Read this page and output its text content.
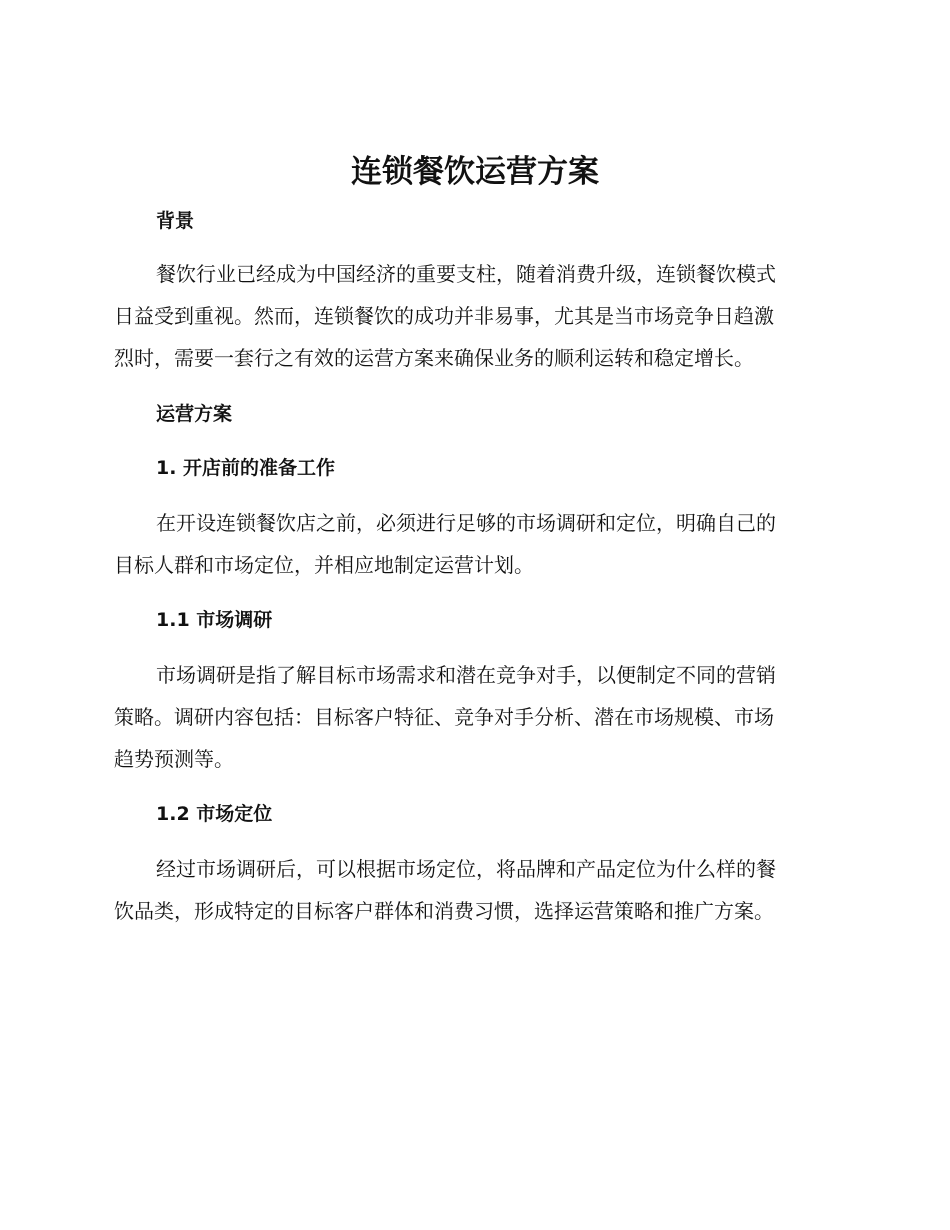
连锁餐饮运营方案
背景

餐饮行业已经成为中国经济的重要支柱，随着消费升级，连锁餐饮模式
日益受到重视。然而，连锁餐饮的成功并非易事，尤其是当市场竞争日趋激
烈时，需要一套行之有效的运营方案来确保业务的顺利运转和稳定增长。

运营方案
1. 开店前的准备工作

在开设连锁餐饮店之前，必须进行足够的市场调研和定位，明确自己的
目标人群和市场定位，并相应地制定运营计划。

1.1 市场调研

市场调研是指了解目标市场需求和潜在竞争对手，以便制定不同的营销
策略。调研内容包括：目标客户特征、竞争对手分析、潜在市场规模、市场
趋势预测等。

1.2 市场定位

经过市场调研后，可以根据市场定位，将品牌和产品定位为什么样的餐
饮品类，形成特定的目标客户群体和消费习惯，选择运营策略和推广方案。
